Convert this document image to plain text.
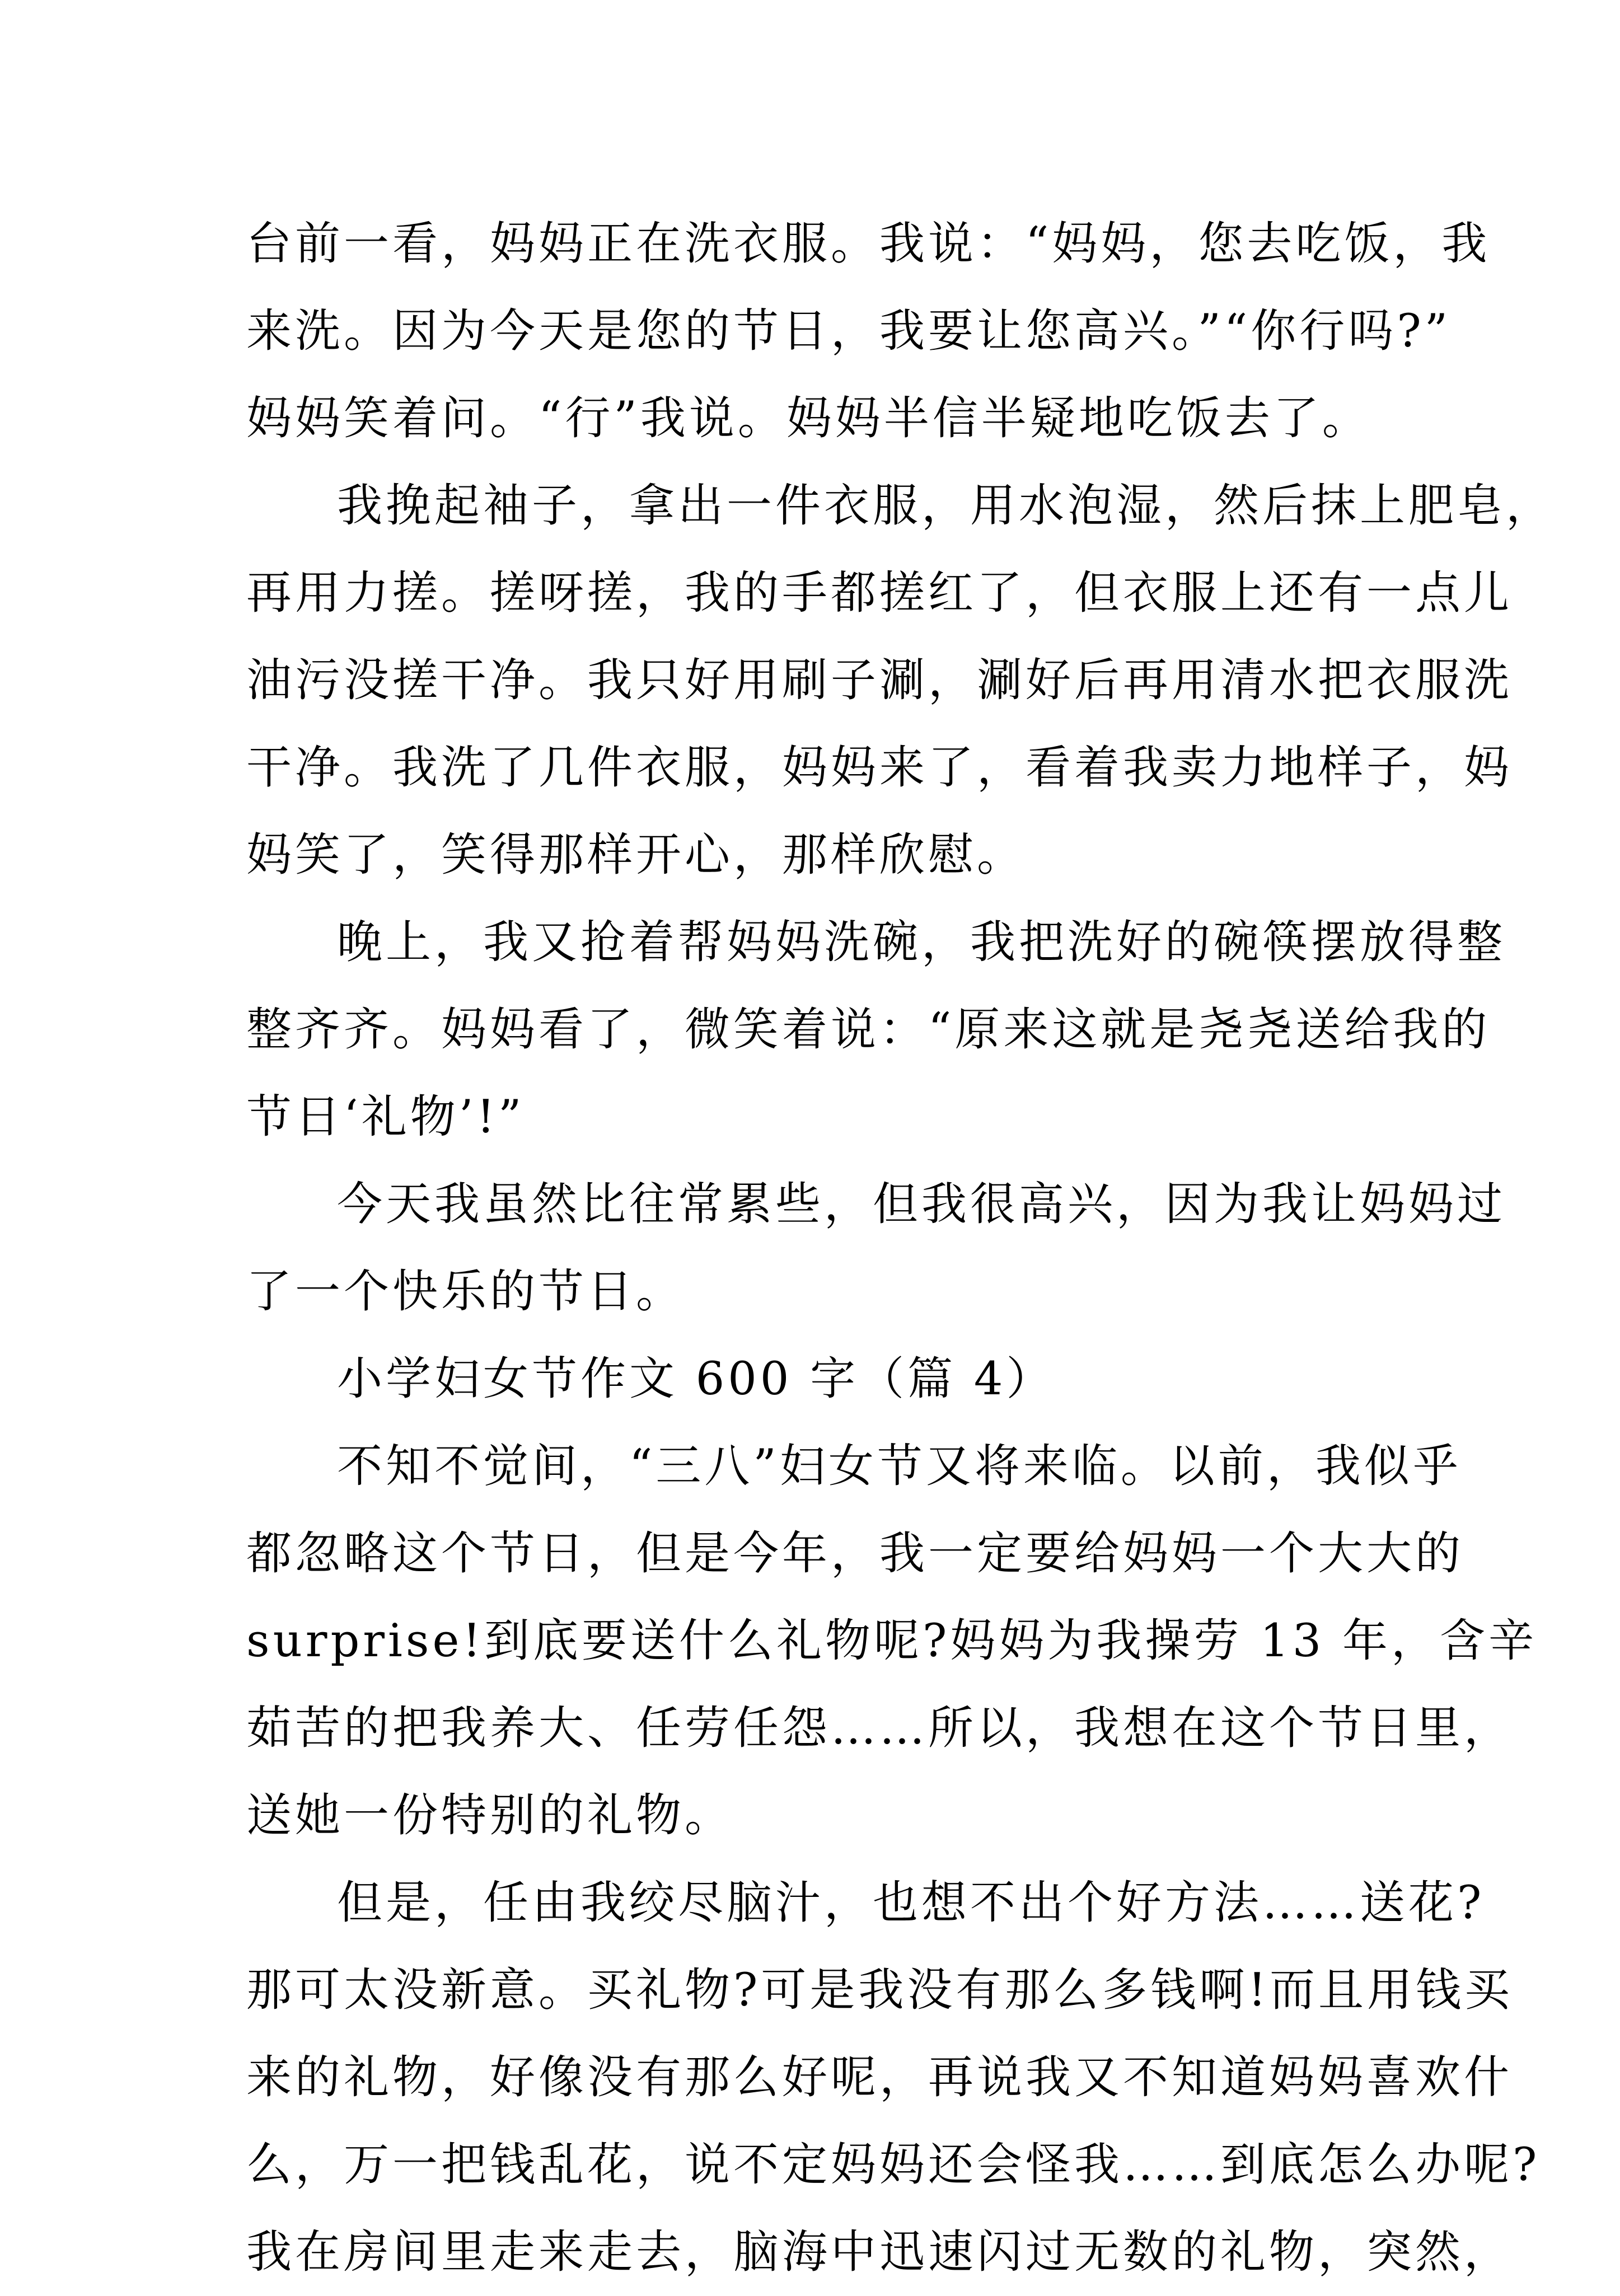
台前一看，妈妈正在洗衣服。我说：“妈妈，您去吃饭，我
来洗。因为今天是您的节日，我要让您高兴。”“你行吗?”
妈妈笑着问。“行”我说。妈妈半信半疑地吃饭去了。
我挽起袖子，拿出一件衣服，用水泡湿，然后抹上肥皂，
再用力搓。搓呀搓，我的手都搓红了，但衣服上还有一点儿
油污没搓干净。我只好用刷子涮，涮好后再用清水把衣服洗
干净。我洗了几件衣服，妈妈来了，看着我卖力地样子，妈
妈笑了，笑得那样开心，那样欣慰。
晚上，我又抢着帮妈妈洗碗，我把洗好的碗筷摆放得整
整齐齐。妈妈看了，微笑着说：“原来这就是尧尧送给我的
节日‘礼物’!”
今天我虽然比往常累些，但我很高兴，因为我让妈妈过
了一个快乐的节日。
小学妇女节作文 600 字（篇 4）
不知不觉间，“三八”妇女节又将来临。以前，我似乎
都忽略这个节日，但是今年，我一定要给妈妈一个大大的
surprise!到底要送什么礼物呢?妈妈为我操劳 13 年，含辛
茹苦的把我养大、任劳任怨……所以，我想在这个节日里，
送她一份特别的礼物。
但是，任由我绞尽脑汁，也想不出个好方法……送花?
那可太没新意。买礼物?可是我没有那么多钱啊!而且用钱买
来的礼物，好像没有那么好呢，再说我又不知道妈妈喜欢什
么，万一把钱乱花，说不定妈妈还会怪我……到底怎么办呢?
我在房间里走来走去，脑海中迅速闪过无数的礼物，突然，
